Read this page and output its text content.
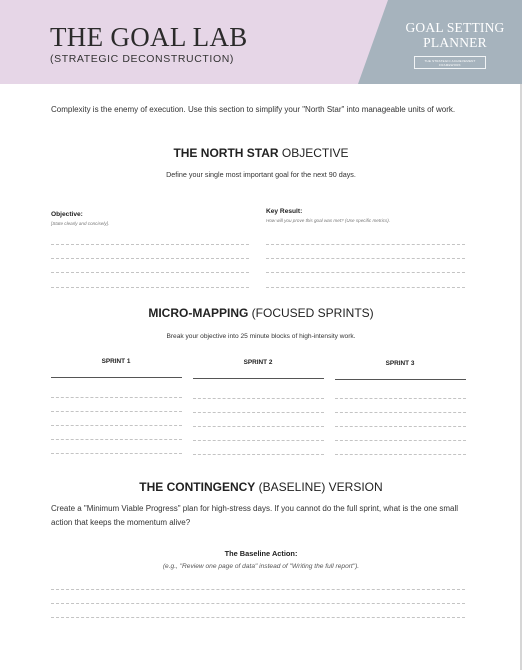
THE GOAL LAB
(STRATEGIC DECONSTRUCTION)
GOAL SETTING
PLANNER
THE STRATEGIC ACHIEVEMENT FRAMEWORK
Complexity is the enemy of execution. Use this section to simplify your "North Star" into manageable units of work.
THE NORTH STAR OBJECTIVE
Define your single most important goal for the next 90 days.
Objective:
[State clearly and concisely].
Key Result:
How will you prove this goal was met? (Use specific metrics).
MICRO-MAPPING (FOCUSED SPRINTS)
Break your objective into 25 minute blocks of high-intensity work.
SPRINT 1	SPRINT 2	SPRINT 3
THE CONTINGENCY (BASELINE) VERSION
Create a "Minimum Viable Progress" plan for high-stress days. If you cannot do the full sprint, what is the one small action that keeps the momentum alive?
The Baseline Action:
(e.g., "Review one page of data" instead of "Writing the full report").
